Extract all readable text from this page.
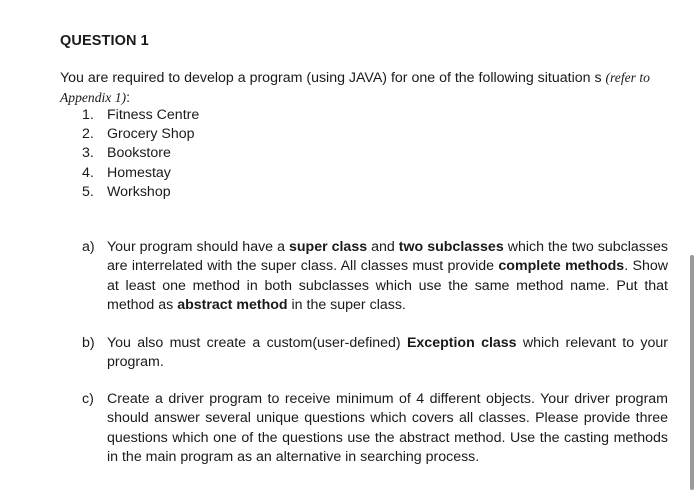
QUESTION 1
You are required to develop a program (using JAVA) for one of the following situation s (refer to Appendix 1):
1. Fitness Centre
2. Grocery Shop
3. Bookstore
4. Homestay
5. Workshop
a) Your program should have a super class and two subclasses which the two subclasses are interrelated with the super class. All classes must provide complete methods. Show at least one method in both subclasses which use the same method name. Put that method as abstract method in the super class.
b) You also must create a custom(user-defined) Exception class which relevant to your program.
c) Create a driver program to receive minimum of 4 different objects. Your driver program should answer several unique questions which covers all classes. Please provide three questions which one of the questions use the abstract method. Use the casting methods in the main program as an alternative in searching process.
